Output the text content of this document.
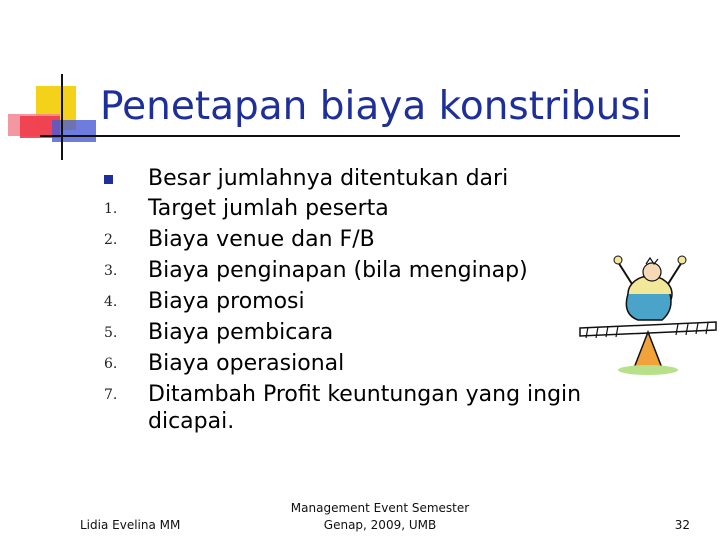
Penetapan biaya konstribusi
Besar jumlahnya ditentukan dari
1.	Target jumlah peserta
2.	Biaya venue dan F/B
3.	Biaya penginapan (bila menginap)
4.	Biaya promosi
5.	Biaya pembicara
6.	Biaya operasional
7.	Ditambah Profit keuntungan yang ingin
dicapai.
Lidia Evelina MM
Management Event Semester
Genap, 2009, UMB	32
